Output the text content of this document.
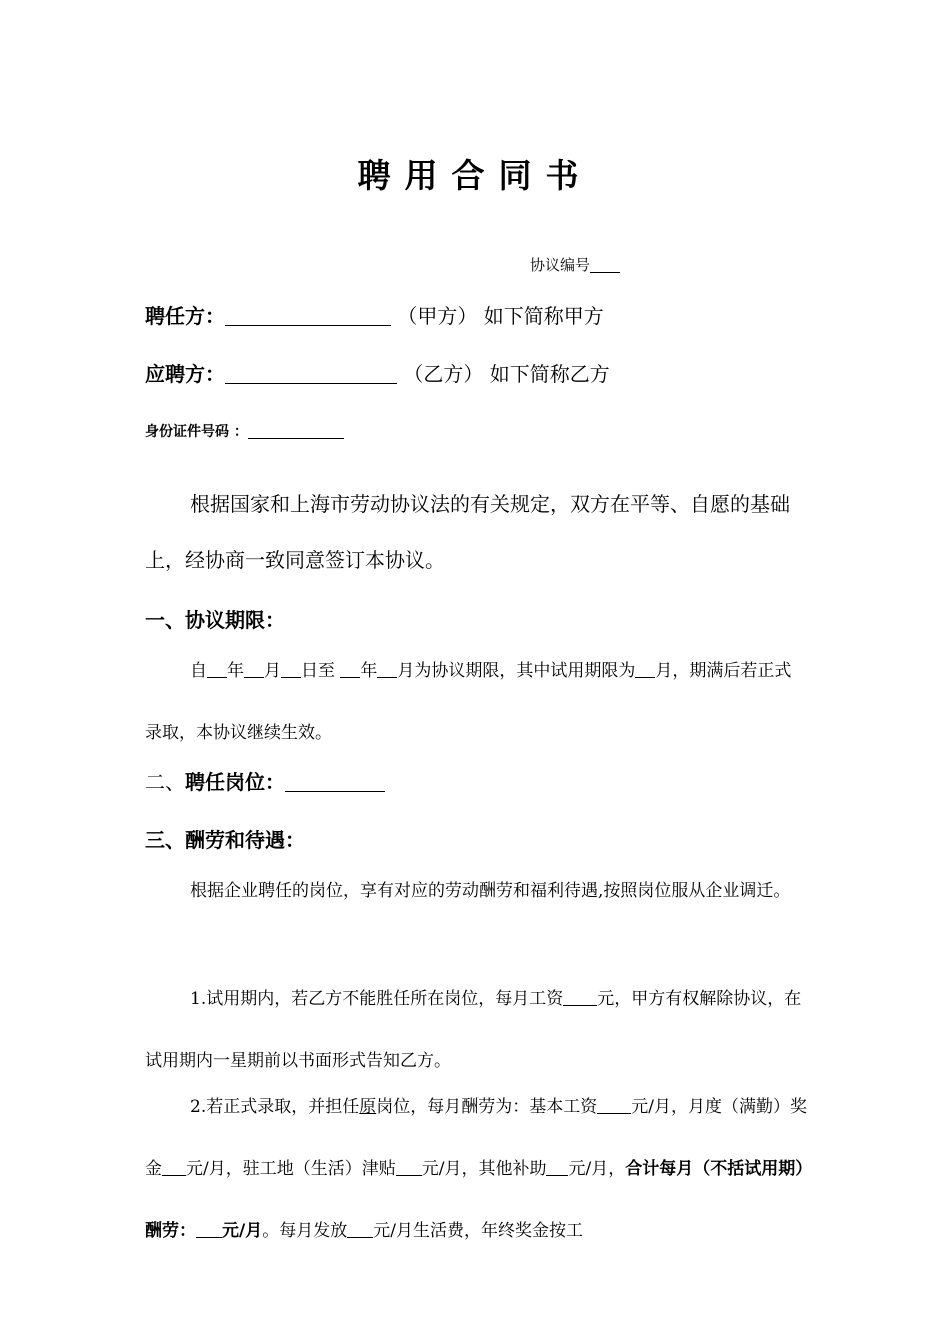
聘用合同书
协议编号
聘任方：	（甲方） 如下简称甲方
应聘方：	（乙方） 如下简称乙方
身份证件号码 ：
根据国家和上海市劳动协议法的有关规定，双方在平等、自愿的基础上，经协商一致同意签订本协议。
一、协议期限：
自 年 月 日至 年 月为协议期限，其中试用期限为 月，期满后若正式录取，本协议继续生效。
二、聘任岗位：
三、酬劳和待遇：
根据企业聘任的岗位，享有对应的劳动酬劳和福利待遇,按照岗位服从企业调迁。
1.试用期内，若乙方不能胜任所在岗位，每月工资 元，甲方有权解除协议，在试用期内一星期前以书面形式告知乙方。
2.若正式录取，并担任原岗位，每月酬劳为：基本工资 元/月，月度（满勤）奖金 元/月，驻工地（生活）津贴 元/月，其他补助 元/月，合计每月（不括试用期）酬劳： 元/月。每月发放 元/月生活费，年终奖金按工
